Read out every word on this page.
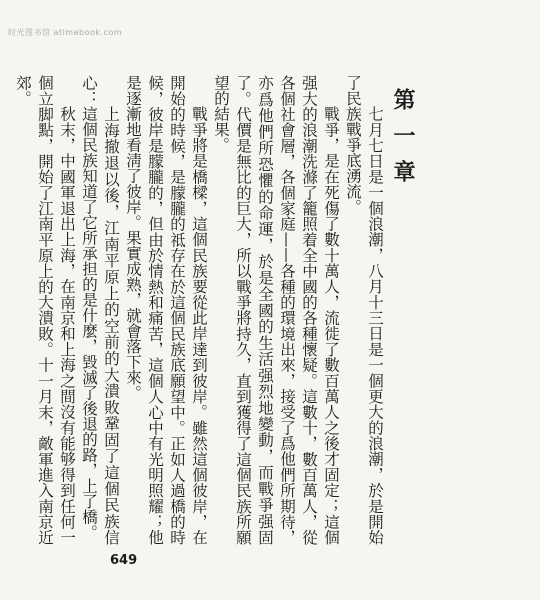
时光图书馆 atimebook.com
第一章

七月七日是一個浪潮，八月十三日是一個更大的浪潮，於是開始了民族戰爭底湧流。

戰爭，是在死傷了數十萬人，流徙了數百萬人之後才固定；這個强大的浪潮洗滌了籠照着全中國的各種懷疑。這數十，數百萬人，從各個社會層，各個家庭——各種的環境出來，接受了爲他們所期待，亦爲他們所恐懼的命運，於是全國的生活强烈地變動，而戰爭强固了。代價是無比的巨大，所以戰爭將持久，直到獲得了這個民族所願望的結果。

戰爭將是橋樑，這個民族要從此岸達到彼岸。雖然這個彼岸，在開始的時候，是朦朧的祗存在於這個民族底願望中。正如人過橋的時候，彼岸是朦朧的，但由於情熱和痛苦，這個人心中有光明照耀；他是逐漸地看淸了彼岸。果實成熟，就會落下來。

上海撤退以後，江南平原上的空前的大潰敗鞏固了這個民族信心：這個民族知道了它所承担的是什麼，毀滅了後退的路，上了橋。

秋末，中國軍退出上海，在南京和上海之間沒有能够得到任何一個立脚點，開始了江南平原上的大潰敗。十一月末，敵軍進入南京近郊。

649
